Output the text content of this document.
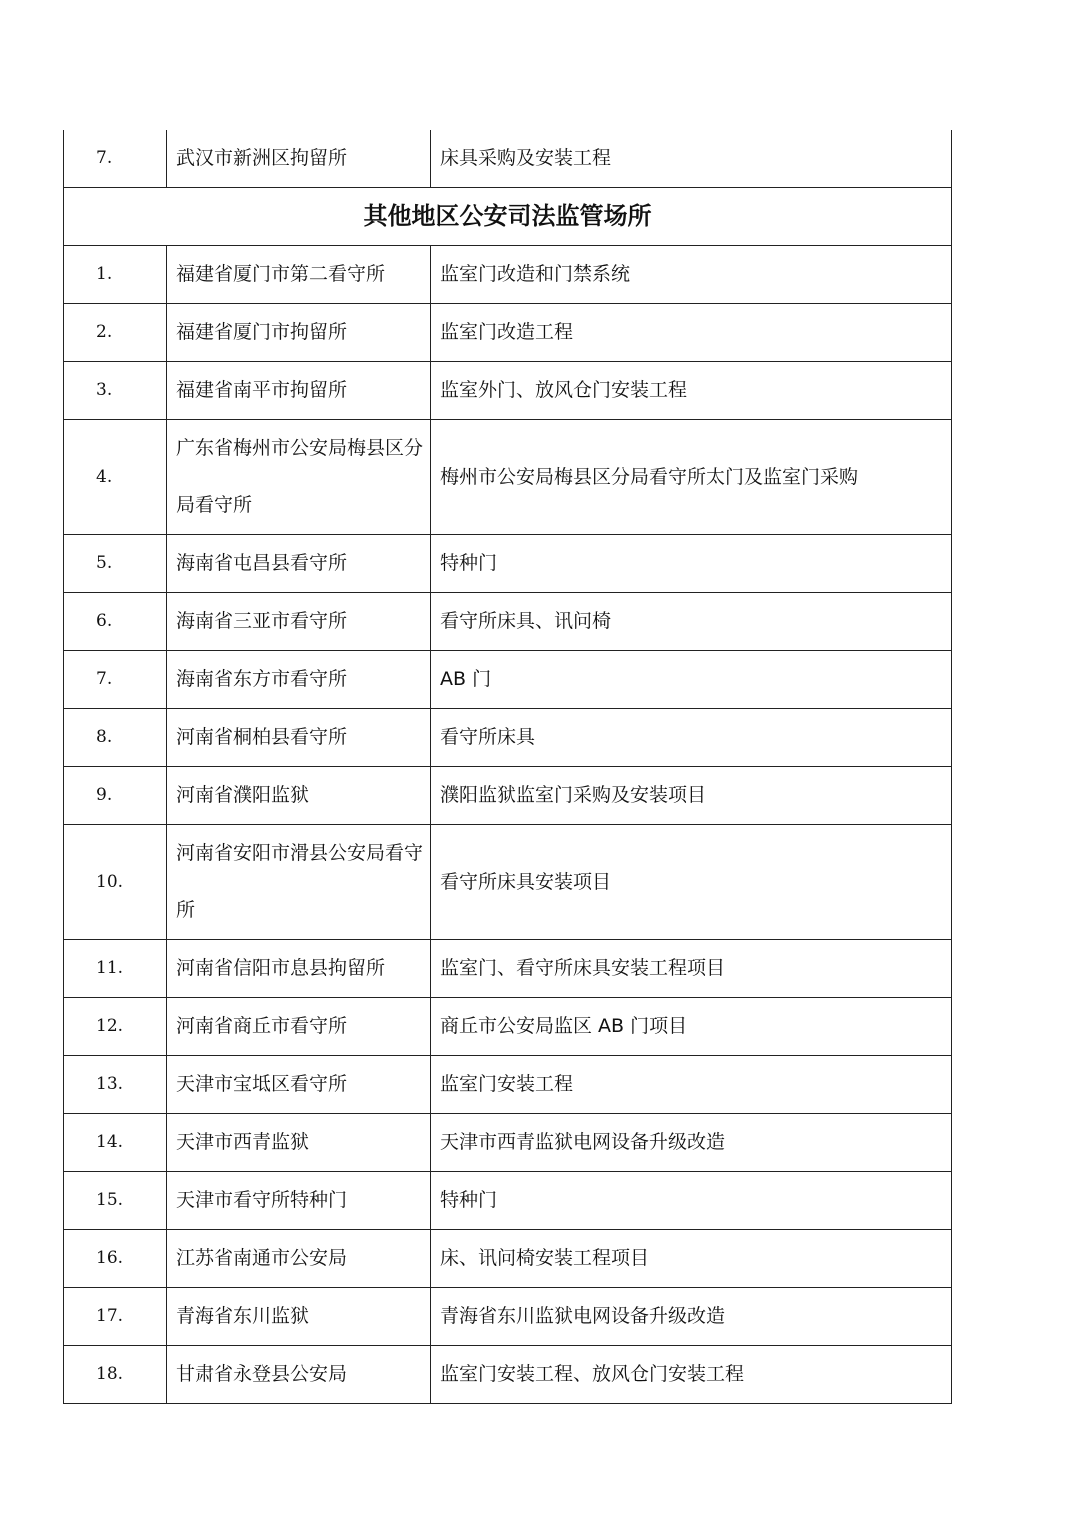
7.	武汉市新洲区拘留所	床具采购及安装工程
其他地区公安司法监管场所		
1.	福建省厦门市第二看守所	监室门改造和门禁系统
2.	福建省厦门市拘留所	监室门改造工程
3.	福建省南平市拘留所	监室外门、放风仓门安装工程
4.	广东省梅州市公安局梅县区分局看守所	梅州市公安局梅县区分局看守所太门及监室门采购
5.	海南省屯昌县看守所	特种门
6.	海南省三亚市看守所	看守所床具、讯问椅
7.	海南省东方市看守所	AB 门
8.	河南省桐柏县看守所	看守所床具
9.	河南省濮阳监狱	濮阳监狱监室门采购及安装项目
10.	河南省安阳市滑县公安局看守所	看守所床具安装项目
11.	河南省信阳市息县拘留所	监室门、看守所床具安装工程项目
12.	河南省商丘市看守所	商丘市公安局监区 AB 门项目
13.	天津市宝坻区看守所	监室门安装工程
14.	天津市西青监狱	天津市西青监狱电网设备升级改造
15.	天津市看守所特种门	特种门
16.	江苏省南通市公安局	床、讯问椅安装工程项目
17.	青海省东川监狱	青海省东川监狱电网设备升级改造
18.	甘肃省永登县公安局	监室门安装工程、放风仓门安装工程
